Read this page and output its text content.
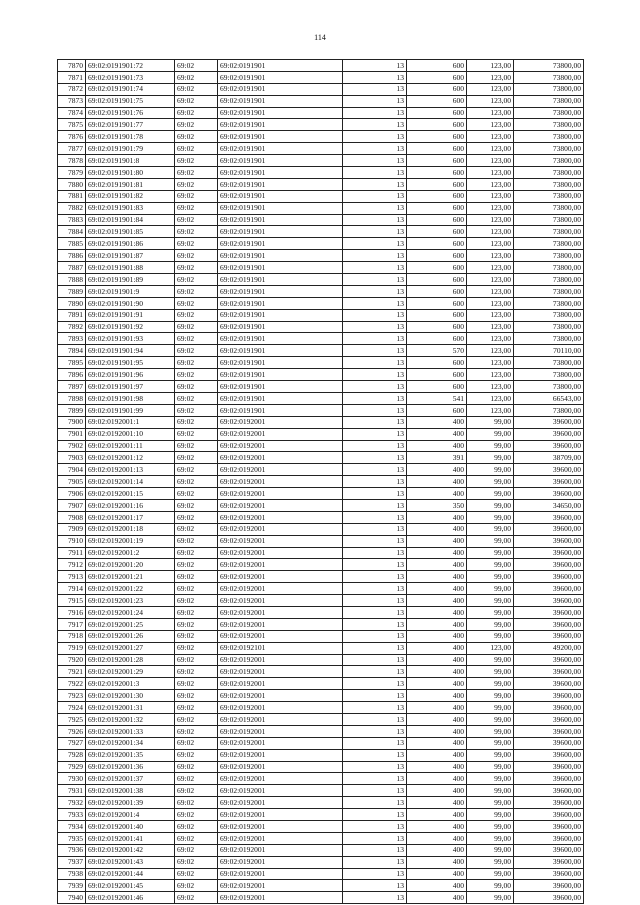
114
7870	69:02:0191901:72	69:02	69:02:0191901	13	600	123,00	73800,00
7871	69:02:0191901:73	69:02	69:02:0191901	13	600	123,00	73800,00
7872	69:02:0191901:74	69:02	69:02:0191901	13	600	123,00	73800,00
7873	69:02:0191901:75	69:02	69:02:0191901	13	600	123,00	73800,00
7874	69:02:0191901:76	69:02	69:02:0191901	13	600	123,00	73800,00
7875	69:02:0191901:77	69:02	69:02:0191901	13	600	123,00	73800,00
7876	69:02:0191901:78	69:02	69:02:0191901	13	600	123,00	73800,00
7877	69:02:0191901:79	69:02	69:02:0191901	13	600	123,00	73800,00
7878	69:02:0191901:8	69:02	69:02:0191901	13	600	123,00	73800,00
7879	69:02:0191901:80	69:02	69:02:0191901	13	600	123,00	73800,00
7880	69:02:0191901:81	69:02	69:02:0191901	13	600	123,00	73800,00
7881	69:02:0191901:82	69:02	69:02:0191901	13	600	123,00	73800,00
7882	69:02:0191901:83	69:02	69:02:0191901	13	600	123,00	73800,00
7883	69:02:0191901:84	69:02	69:02:0191901	13	600	123,00	73800,00
7884	69:02:0191901:85	69:02	69:02:0191901	13	600	123,00	73800,00
7885	69:02:0191901:86	69:02	69:02:0191901	13	600	123,00	73800,00
7886	69:02:0191901:87	69:02	69:02:0191901	13	600	123,00	73800,00
7887	69:02:0191901:88	69:02	69:02:0191901	13	600	123,00	73800,00
7888	69:02:0191901:89	69:02	69:02:0191901	13	600	123,00	73800,00
7889	69:02:0191901:9	69:02	69:02:0191901	13	600	123,00	73800,00
7890	69:02:0191901:90	69:02	69:02:0191901	13	600	123,00	73800,00
7891	69:02:0191901:91	69:02	69:02:0191901	13	600	123,00	73800,00
7892	69:02:0191901:92	69:02	69:02:0191901	13	600	123,00	73800,00
7893	69:02:0191901:93	69:02	69:02:0191901	13	600	123,00	73800,00
7894	69:02:0191901:94	69:02	69:02:0191901	13	570	123,00	70110,00
7895	69:02:0191901:95	69:02	69:02:0191901	13	600	123,00	73800,00
7896	69:02:0191901:96	69:02	69:02:0191901	13	600	123,00	73800,00
7897	69:02:0191901:97	69:02	69:02:0191901	13	600	123,00	73800,00
7898	69:02:0191901:98	69:02	69:02:0191901	13	541	123,00	66543,00
7899	69:02:0191901:99	69:02	69:02:0191901	13	600	123,00	73800,00
7900	69:02:0192001:1	69:02	69:02:0192001	13	400	99,00	39600,00
7901	69:02:0192001:10	69:02	69:02:0192001	13	400	99,00	39600,00
7902	69:02:0192001:11	69:02	69:02:0192001	13	400	99,00	39600,00
7903	69:02:0192001:12	69:02	69:02:0192001	13	391	99,00	38709,00
7904	69:02:0192001:13	69:02	69:02:0192001	13	400	99,00	39600,00
7905	69:02:0192001:14	69:02	69:02:0192001	13	400	99,00	39600,00
7906	69:02:0192001:15	69:02	69:02:0192001	13	400	99,00	39600,00
7907	69:02:0192001:16	69:02	69:02:0192001	13	350	99,00	34650,00
7908	69:02:0192001:17	69:02	69:02:0192001	13	400	99,00	39600,00
7909	69:02:0192001:18	69:02	69:02:0192001	13	400	99,00	39600,00
7910	69:02:0192001:19	69:02	69:02:0192001	13	400	99,00	39600,00
7911	69:02:0192001:2	69:02	69:02:0192001	13	400	99,00	39600,00
7912	69:02:0192001:20	69:02	69:02:0192001	13	400	99,00	39600,00
7913	69:02:0192001:21	69:02	69:02:0192001	13	400	99,00	39600,00
7914	69:02:0192001:22	69:02	69:02:0192001	13	400	99,00	39600,00
7915	69:02:0192001:23	69:02	69:02:0192001	13	400	99,00	39600,00
7916	69:02:0192001:24	69:02	69:02:0192001	13	400	99,00	39600,00
7917	69:02:0192001:25	69:02	69:02:0192001	13	400	99,00	39600,00
7918	69:02:0192001:26	69:02	69:02:0192001	13	400	99,00	39600,00
7919	69:02:0192001:27	69:02	69:02:0192101	13	400	123,00	49200,00
7920	69:02:0192001:28	69:02	69:02:0192001	13	400	99,00	39600,00
7921	69:02:0192001:29	69:02	69:02:0192001	13	400	99,00	39600,00
7922	69:02:0192001:3	69:02	69:02:0192001	13	400	99,00	39600,00
7923	69:02:0192001:30	69:02	69:02:0192001	13	400	99,00	39600,00
7924	69:02:0192001:31	69:02	69:02:0192001	13	400	99,00	39600,00
7925	69:02:0192001:32	69:02	69:02:0192001	13	400	99,00	39600,00
7926	69:02:0192001:33	69:02	69:02:0192001	13	400	99,00	39600,00
7927	69:02:0192001:34	69:02	69:02:0192001	13	400	99,00	39600,00
7928	69:02:0192001:35	69:02	69:02:0192001	13	400	99,00	39600,00
7929	69:02:0192001:36	69:02	69:02:0192001	13	400	99,00	39600,00
7930	69:02:0192001:37	69:02	69:02:0192001	13	400	99,00	39600,00
7931	69:02:0192001:38	69:02	69:02:0192001	13	400	99,00	39600,00
7932	69:02:0192001:39	69:02	69:02:0192001	13	400	99,00	39600,00
7933	69:02:0192001:4	69:02	69:02:0192001	13	400	99,00	39600,00
7934	69:02:0192001:40	69:02	69:02:0192001	13	400	99,00	39600,00
7935	69:02:0192001:41	69:02	69:02:0192001	13	400	99,00	39600,00
7936	69:02:0192001:42	69:02	69:02:0192001	13	400	99,00	39600,00
7937	69:02:0192001:43	69:02	69:02:0192001	13	400	99,00	39600,00
7938	69:02:0192001:44	69:02	69:02:0192001	13	400	99,00	39600,00
7939	69:02:0192001:45	69:02	69:02:0192001	13	400	99,00	39600,00
7940	69:02:0192001:46	69:02	69:02:0192001	13	400	99,00	39600,00
